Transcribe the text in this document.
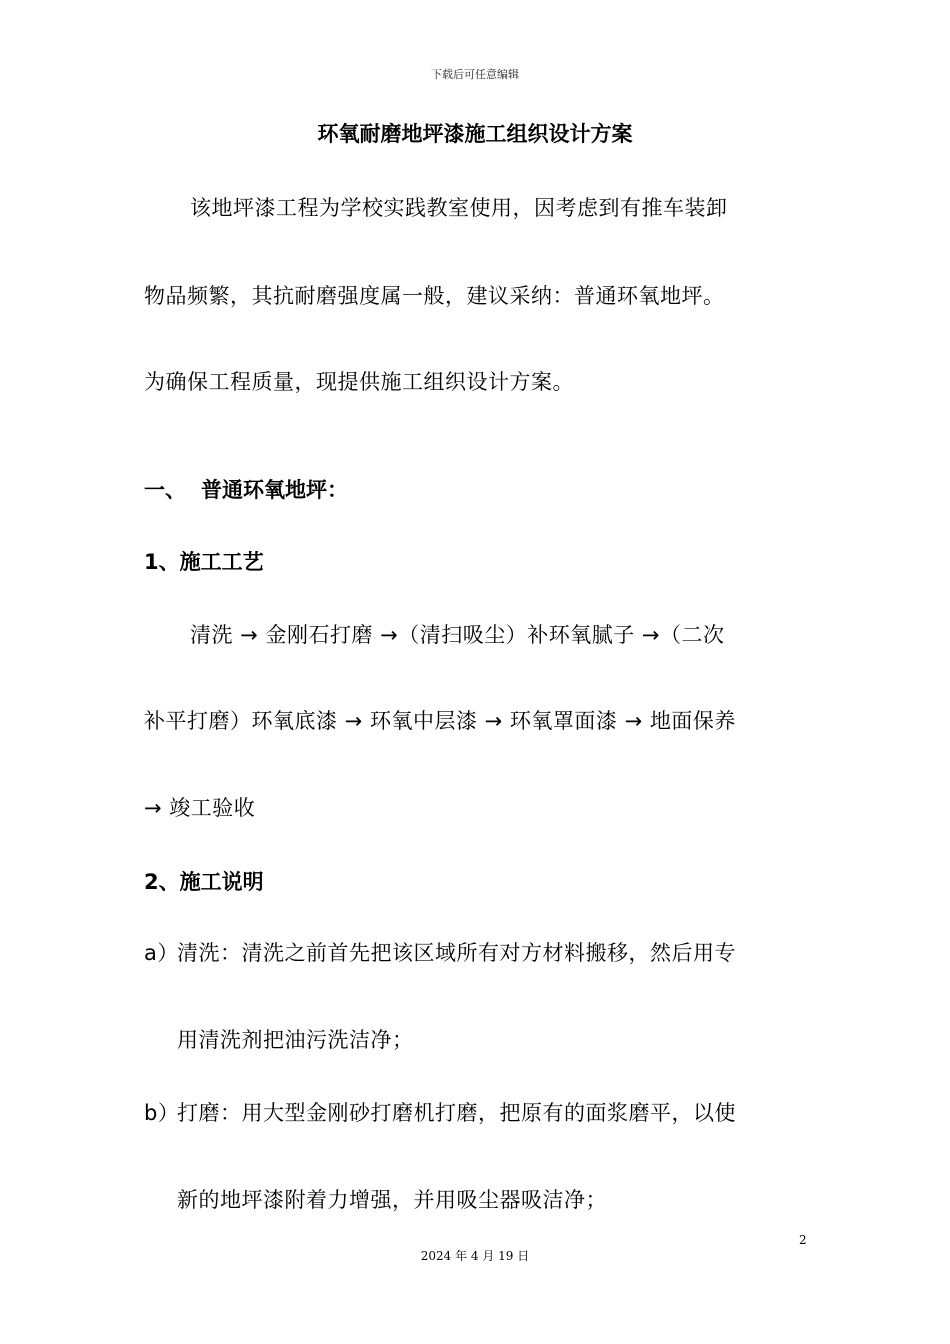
下载后可任意编辑
环氧耐磨地坪漆施工组织设计方案
该地坪漆工程为学校实践教室使用，因考虑到有推车装卸
物品频繁，其抗耐磨强度属一般，建议采纳：普通环氧地坪。
为确保工程质量，现提供施工组织设计方案。
一、 普通环氧地坪：
1、施工工艺
清洗 → 金刚石打磨 →（清扫吸尘）补环氧腻子 →（二次
补平打磨）环氧底漆 → 环氧中层漆 → 环氧罩面漆 → 地面保养
→ 竣工验收
2、施工说明
a）
清洗：清洗之前首先把该区域所有对方材料搬移，然后用专
用清洗剂把油污洗洁净；
b）
打磨：用大型金刚砂打磨机打磨，把原有的面浆磨平，以使
新的地坪漆附着力增强，并用吸尘器吸洁净；
2
2024 年 4 月 19 日
